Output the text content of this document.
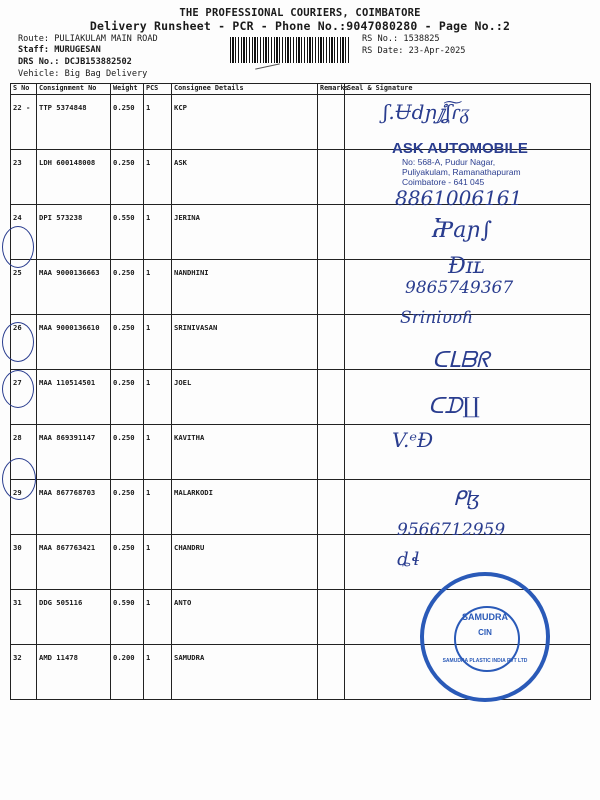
THE PROFESSIONAL COURIERS, COIMBATORE
Delivery Runsheet - PCR - Phone No.:9047080280 - Page No.:2
Route: PULIAKULAM MAIN ROAD
Staff: MURUGESAN
DRS No.: DCJB153882502
Vehicle: Big Bag Delivery
RS No.: 1538825
RS Date: 23-Apr-2025
S No	Consignment No	Weight	PCS	Consignee Details	Remarks	Seal & Signature
22 -	TTP 5374848	0.250	1	KCP		
23	LDH 600148008	0.250	1	ASK		
24	DPI 573238	0.550	1	JERINA		
25	MAA 9000136663	0.250	1	NANDHINI		
26	MAA 9000136610	0.250	1	SRINIVASAN		
27	MAA 110514501	0.250	1	JOEL		
28	MAA 869391147	0.250	1	KAVITHA		
29	MAA 867768703	0.250	1	MALARKODI		
30	MAA 867763421	0.250	1	CHANDRU		
31	DDG 505116	0.590	1	ANTO		
32	AMD 11478	0.200	1	SAMUDRA		
ASK AUTOMOBILE
No: 568-A, Pudur Nagar,
Puliyakulam, Ramanathapuram
Coimbatore - 641 045
ʃ.Ʉdɲⅉʆ͠ɾᵹ
8861006161
Ⴟaɲ∫
Ðɪʟ
9865749367
Sriniυɐɦ
ᑕᒪᗷᖇ
ᑕᗪ∐
V.ᵉƉ
ᑭɮ
9566712959
ȡɬ
SAMUDRA
CIN
SAMUDRA PLASTIC INDIA PVT LTD
